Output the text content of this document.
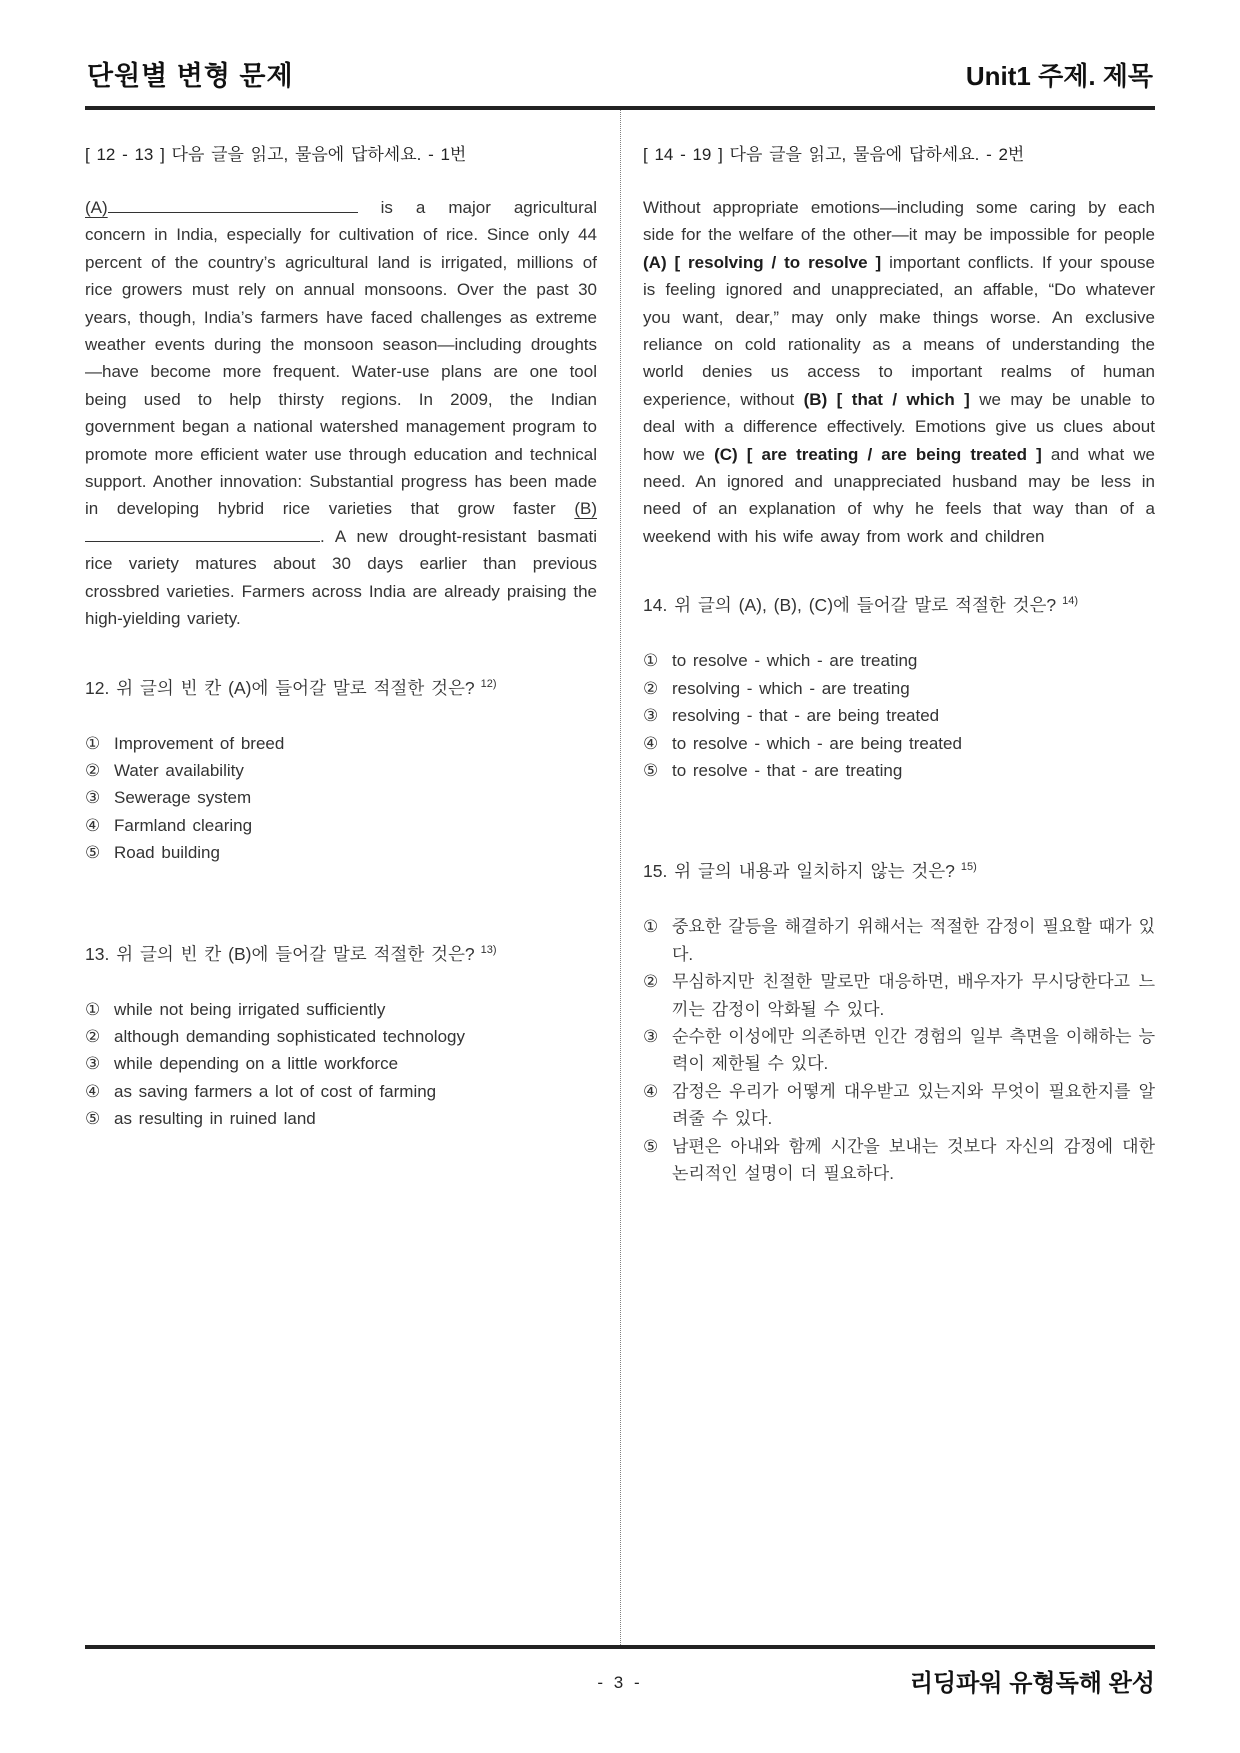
단원별 변형 문제	Unit1 주제. 제목
[ 12 - 13 ] 다음 글을 읽고, 물음에 답하세요. - 1번

(A)	is a major agricultural concern in India, especially for cultivation of rice. Since only 44 percent of the country’s agricultural land is irrigated, millions of rice growers must rely on annual monsoons. Over the past 30 years, though, India’s farmers have faced challenges as extreme weather events during the monsoon season—including droughts—have become more frequent. Water-use plans are one tool being used to help thirsty regions. In 2009, the Indian government began a national watershed management program to promote more efficient water use through education and technical support. Another innovation: Substantial progress has been made in developing hybrid rice varieties that grow faster (B). A new drought-resistant basmati rice variety matures about 30 days earlier than previous crossbred varieties. Farmers across India are already praising the high-yielding variety.

12. 위 글의 빈 칸 (A)에 들어갈 말로 적절한 것은? $^{12)}$
① Improvement of breed
② Water availability
③ Sewerage system
④ Farmland clearing
⑤ Road building
13. 위 글의 빈 칸 (B)에 들어갈 말로 적절한 것은? $^{13)}$
① while not being irrigated sufficiently
② although demanding sophisticated technology
③ while depending on a little workforce
④ as saving farmers a lot of cost of farming
⑤ as resulting in ruined land
[ 14 - 19 ] 다음 글을 읽고, 물음에 답하세요. - 2번

Without appropriate emotions—including some caring by each side for the welfare of the other—it may be impossible for people (A) [ resolving / to resolve ] important conflicts. If your spouse is feeling ignored and unappreciated, an affable, “Do whatever you want, dear,” may only make things worse. An exclusive reliance on cold rationality as a means of understanding the world denies us access to important realms of human experience, without (B) [ that / which ] we may be unable to deal with a difference effectively. Emotions give us clues about how we (C) [ are treating / are being treated ] and what we need. An ignored and unappreciated husband may be less in need of an explanation of why he feels that way than of a weekend with his wife away from work and children

14. 위 글의 (A), (B), (C)에 들어갈 말로 적절한 것은? $^{14)}$
① to resolve - which - are treating
② resolving - which - are treating
③ resolving - that - are being treated
④ to resolve - which - are being treated
⑤ to resolve - that - are treating
15. 위 글의 내용과 일치하지 않는 것은? $^{15)}$
① 중요한 갈등을 해결하기 위해서는 적절한 감정이 필요할 때가 있다.
② 무심하지만 친절한 말로만 대응하면, 배우자가 무시당한다고 느끼는 감정이 악화될 수 있다.
③ 순수한 이성에만 의존하면 인간 경험의 일부 측면을 이해하는 능력이 제한될 수 있다.
④ 감정은 우리가 어떻게 대우받고 있는지와 무엇이 필요한지를 알려줄 수 있다.
⑤ 남편은 아내와 함께 시간을 보내는 것보다 자신의 감정에 대한 논리적인 설명이 더 필요하다.
- 3 -	리딩파워 유형독해 완성
